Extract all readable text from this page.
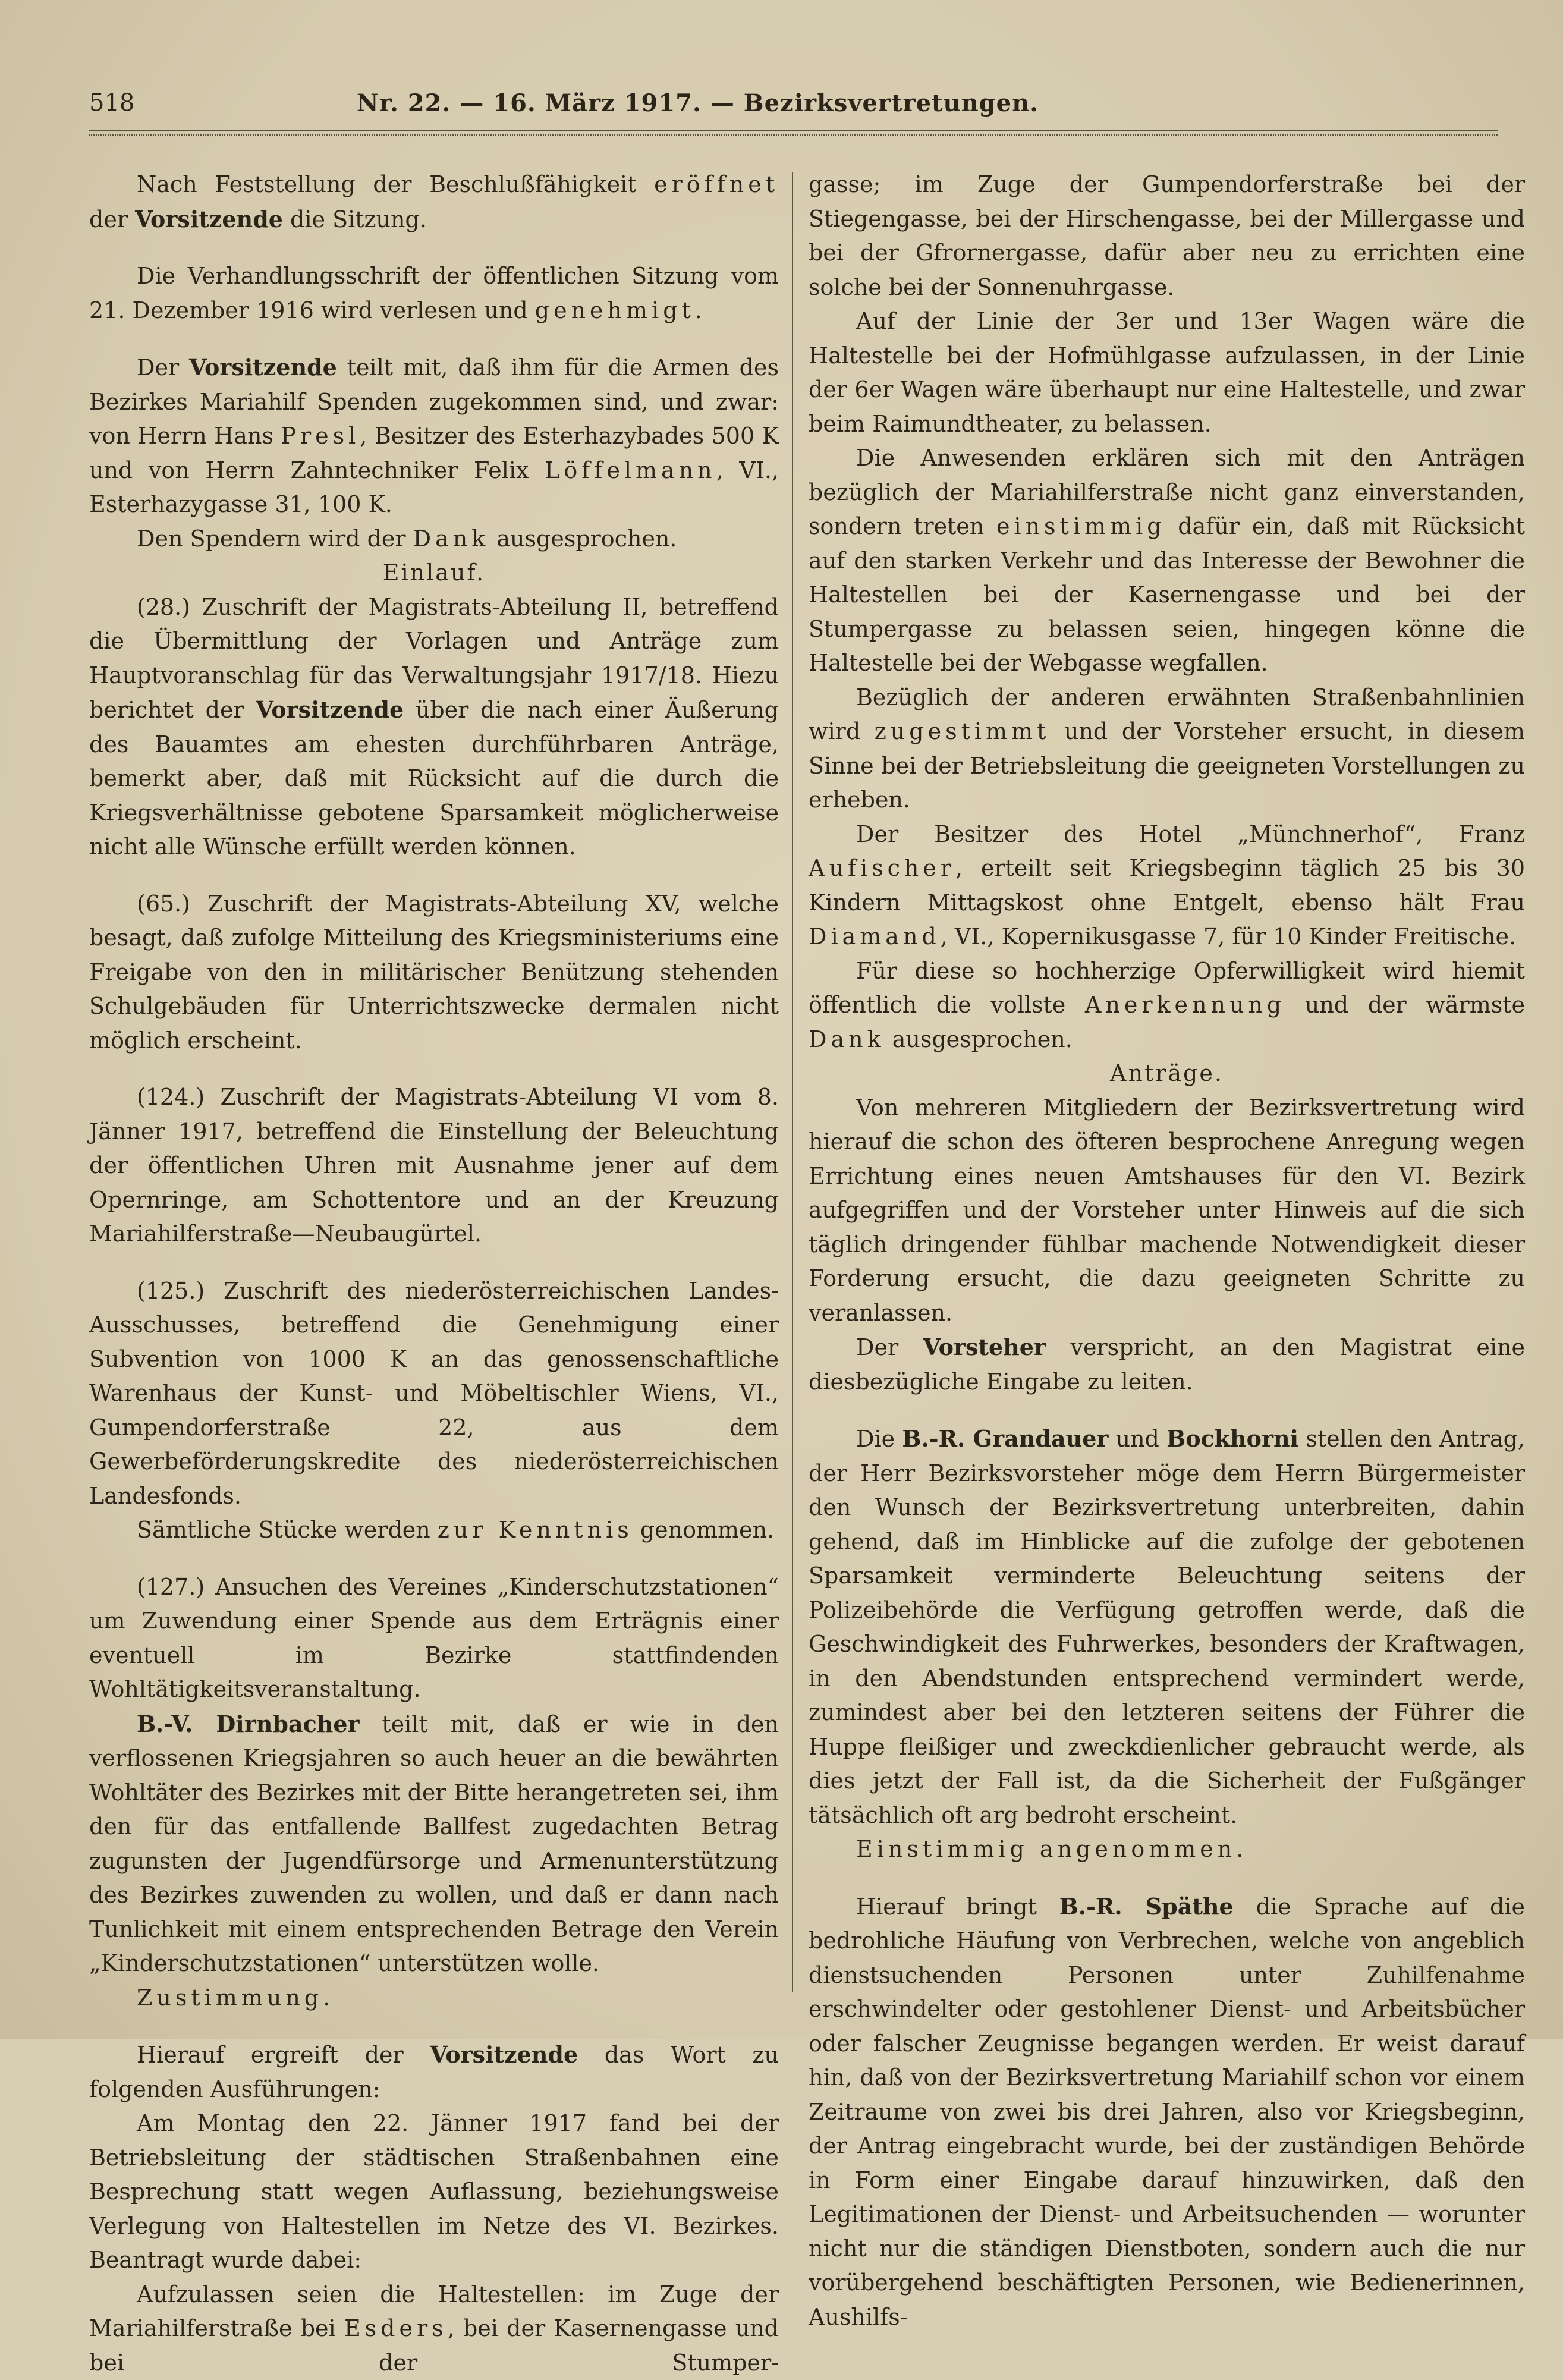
518	Nr. 22. — 16. März 1917. — Bezirksvertretungen.

Nach Feststellung der Beschlußfähigkeit eröffnet der Vorsitzende die Sitzung.

Die Verhandlungsschrift der öffentlichen Sitzung vom 21. Dezember 1916 wird verlesen und genehmigt.

Der Vorsitzende teilt mit, daß ihm für die Armen des Bezirkes Mariahilf Spenden zugekommen sind, und zwar: von Herrn Hans Presl, Besitzer des Esterhazybades 500 K und von Herrn Zahntechniker Felix Löffelmann, VI., Esterhazygasse 31, 100 K.

Den Spendern wird der Dank ausgesprochen.

Einlauf.

(28.) Zuschrift der Magistrats-Abteilung II, betreffend die Übermittlung der Vorlagen und Anträge zum Hauptvoranschlag für das Verwaltungsjahr 1917/18. Hiezu berichtet der Vorsitzende über die nach einer Äußerung des Bauamtes am ehesten durchführbaren Anträge, bemerkt aber, daß mit Rücksicht auf die durch die Kriegsverhältnisse gebotene Sparsamkeit möglicherweise nicht alle Wünsche erfüllt werden können.

(65.) Zuschrift der Magistrats-Abteilung XV, welche besagt, daß zufolge Mitteilung des Kriegsministeriums eine Freigabe von den in militärischer Benützung stehenden Schulgebäuden für Unterrichtszwecke dermalen nicht möglich erscheint.

(124.) Zuschrift der Magistrats-Abteilung VI vom 8. Jänner 1917, betreffend die Einstellung der Beleuchtung der öffentlichen Uhren mit Ausnahme jener auf dem Opernringe, am Schottentore und an der Kreuzung Mariahilferstraße—Neubaugürtel.

(125.) Zuschrift des niederösterreichischen Landes-Ausschusses, betreffend die Genehmigung einer Subvention von 1000 K an das genossenschaftliche Warenhaus der Kunst- und Möbeltischler Wiens, VI., Gumpendorferstraße 22, aus dem Gewerbeförderungskredite des niederösterreichischen Landesfonds.

Sämtliche Stücke werden zur Kenntnis genommen.

(127.) Ansuchen des Vereines „Kinderschutzstationen“ um Zuwendung einer Spende aus dem Erträgnis einer eventuell im Bezirke stattfindenden Wohltätigkeitsveranstaltung.

B.-V. Dirnbacher teilt mit, daß er wie in den verflossenen Kriegsjahren so auch heuer an die bewährten Wohltäter des Bezirkes mit der Bitte herangetreten sei, ihm den für das entfallende Ballfest zugedachten Betrag zugunsten der Jugendfürsorge und Armenunterstützung des Bezirkes zuwenden zu wollen, und daß er dann nach Tunlichkeit mit einem entsprechenden Betrage den Verein „Kinderschutzstationen“ unterstützen wolle.

Zustimmung.

Hierauf ergreift der Vorsitzende das Wort zu folgenden Ausführungen:

Am Montag den 22. Jänner 1917 fand bei der Betriebsleitung der städtischen Straßenbahnen eine Besprechung statt wegen Auflassung, beziehungsweise Verlegung von Haltestellen im Netze des VI. Bezirkes. Beantragt wurde dabei:

Aufzulassen seien die Haltestellen: im Zuge der Mariahilferstraße bei Esders, bei der Kasernengasse und bei der Stumper-

gasse; im Zuge der Gumpendorferstraße bei der Stiegengasse, bei der Hirschengasse, bei der Millergasse und bei der Gfrornergasse, dafür aber neu zu errichten eine solche bei der Sonnenuhrgasse.

Auf der Linie der 3er und 13er Wagen wäre die Haltestelle bei der Hofmühlgasse aufzulassen, in der Linie der 6er Wagen wäre überhaupt nur eine Haltestelle, und zwar beim Raimundtheater, zu belassen.

Die Anwesenden erklären sich mit den Anträgen bezüglich der Mariahilferstraße nicht ganz einverstanden, sondern treten einstimmig dafür ein, daß mit Rücksicht auf den starken Verkehr und das Interesse der Bewohner die Haltestellen bei der Kasernengasse und bei der Stumpergasse zu belassen seien, hingegen könne die Haltestelle bei der Webgasse wegfallen.

Bezüglich der anderen erwähnten Straßenbahnlinien wird zugestimmt und der Vorsteher ersucht, in diesem Sinne bei der Betriebsleitung die geeigneten Vorstellungen zu erheben.

Der Besitzer des Hotel „Münchnerhof“, Franz Aufischer, erteilt seit Kriegsbeginn täglich 25 bis 30 Kindern Mittagskost ohne Entgelt, ebenso hält Frau Diamand, VI., Kopernikusgasse 7, für 10 Kinder Freitische.

Für diese so hochherzige Opferwilligkeit wird hiemit öffentlich die vollste Anerkennung und der wärmste Dank ausgesprochen.

Anträge.

Von mehreren Mitgliedern der Bezirksvertretung wird hierauf die schon des öfteren besprochene Anregung wegen Errichtung eines neuen Amtshauses für den VI. Bezirk aufgegriffen und der Vorsteher unter Hinweis auf die sich täglich dringender fühlbar machende Notwendigkeit dieser Forderung ersucht, die dazu geeigneten Schritte zu veranlassen.

Der Vorsteher verspricht, an den Magistrat eine diesbezügliche Eingabe zu leiten.

Die B.-R. Grandauer und Bockhorni stellen den Antrag, der Herr Bezirksvorsteher möge dem Herrn Bürgermeister den Wunsch der Bezirksvertretung unterbreiten, dahin gehend, daß im Hinblicke auf die zufolge der gebotenen Sparsamkeit verminderte Beleuchtung seitens der Polizeibehörde die Verfügung getroffen werde, daß die Geschwindigkeit des Fuhrwerkes, besonders der Kraftwagen, in den Abendstunden entsprechend vermindert werde, zumindest aber bei den letzteren seitens der Führer die Huppe fleißiger und zweckdienlicher gebraucht werde, als dies jetzt der Fall ist, da die Sicherheit der Fußgänger tätsächlich oft arg bedroht erscheint.

Einstimmig angenommen.

Hierauf bringt B.-R. Späthe die Sprache auf die bedrohliche Häufung von Verbrechen, welche von angeblich dienstsuchenden Personen unter Zuhilfenahme erschwindelter oder gestohlener Dienst- und Arbeitsbücher oder falscher Zeugnisse begangen werden. Er weist darauf hin, daß von der Bezirksvertretung Mariahilf schon vor einem Zeitraume von zwei bis drei Jahren, also vor Kriegsbeginn, der Antrag eingebracht wurde, bei der zuständigen Behörde in Form einer Eingabe darauf hinzuwirken, daß den Legitimationen der Dienst- und Arbeitsuchenden — worunter nicht nur die ständigen Dienstboten, sondern auch die nur vorübergehend beschäftigten Personen, wie Bedienerinnen, Aushilfs-
